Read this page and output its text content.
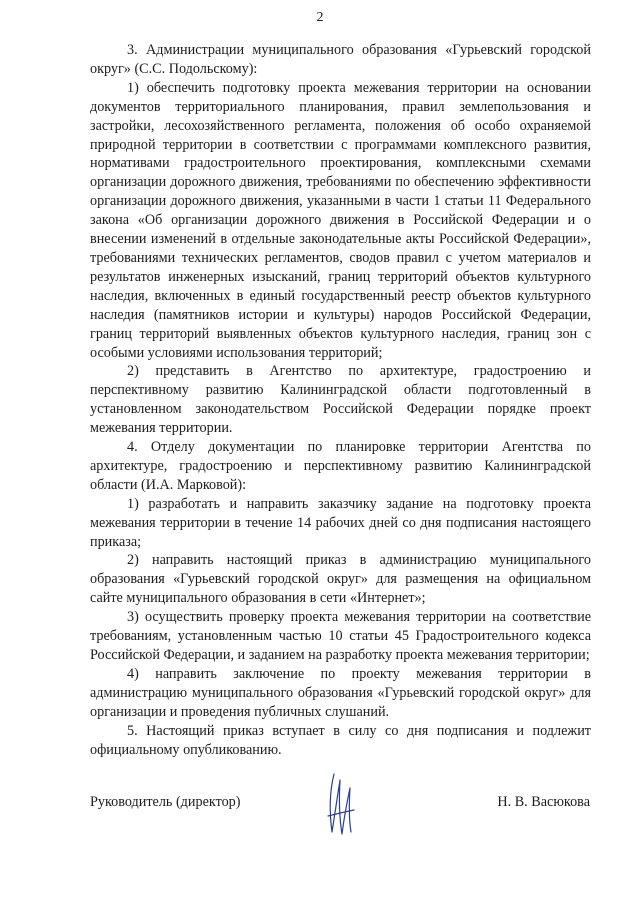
2

3. Администрации муниципального образования «Гурьевский городской округ» (С.С. Подольскому):

1) обеспечить подготовку проекта межевания территории на основании документов территориального планирования, правил землепользования и застройки, лесохозяйственного регламента, положения об особо охраняемой природной территории в соответствии с программами комплексного развития, нормативами градостроительного проектирования, комплексными схемами организации дорожного движения, требованиями по обеспечению эффективности организации дорожного движения, указанными в части 1 статьи 11 Федерального закона «Об организации дорожного движения в Российской Федерации и о внесении изменений в отдельные законодательные акты Российской Федерации», требованиями технических регламентов, сводов правил с учетом материалов и результатов инженерных изысканий, границ территорий объектов культурного наследия, включенных в единый государственный реестр объектов культурного наследия (памятников истории и культуры) народов Российской Федерации, границ территорий выявленных объектов культурного наследия, границ зон с особыми условиями использования территорий;

2) представить в Агентство по архитектуре, градостроению и перспективному развитию Калининградской области подготовленный в установленном законодательством Российской Федерации порядке проект межевания территории.

4. Отделу документации по планировке территории Агентства по архитектуре, градостроению и перспективному развитию Калининградской области (И.А. Марковой):

1) разработать и направить заказчику задание на подготовку проекта межевания территории в течение 14 рабочих дней со дня подписания настоящего приказа;

2) направить настоящий приказ в администрацию муниципального образования «Гурьевский городской округ» для размещения на официальном сайте муниципального образования в сети «Интернет»;

3) осуществить проверку проекта межевания территории на соответствие требованиям, установленным частью 10 статьи 45 Градостроительного кодекса Российской Федерации, и заданием на разработку проекта межевания территории;

4) направить заключение по проекту межевания территории в администрацию муниципального образования «Гурьевский городской округ» для организации и проведения публичных слушаний.

5. Настоящий приказ вступает в силу со дня подписания и подлежит официальному опубликованию.

Руководитель (директор)	Н. В. Васюкова
